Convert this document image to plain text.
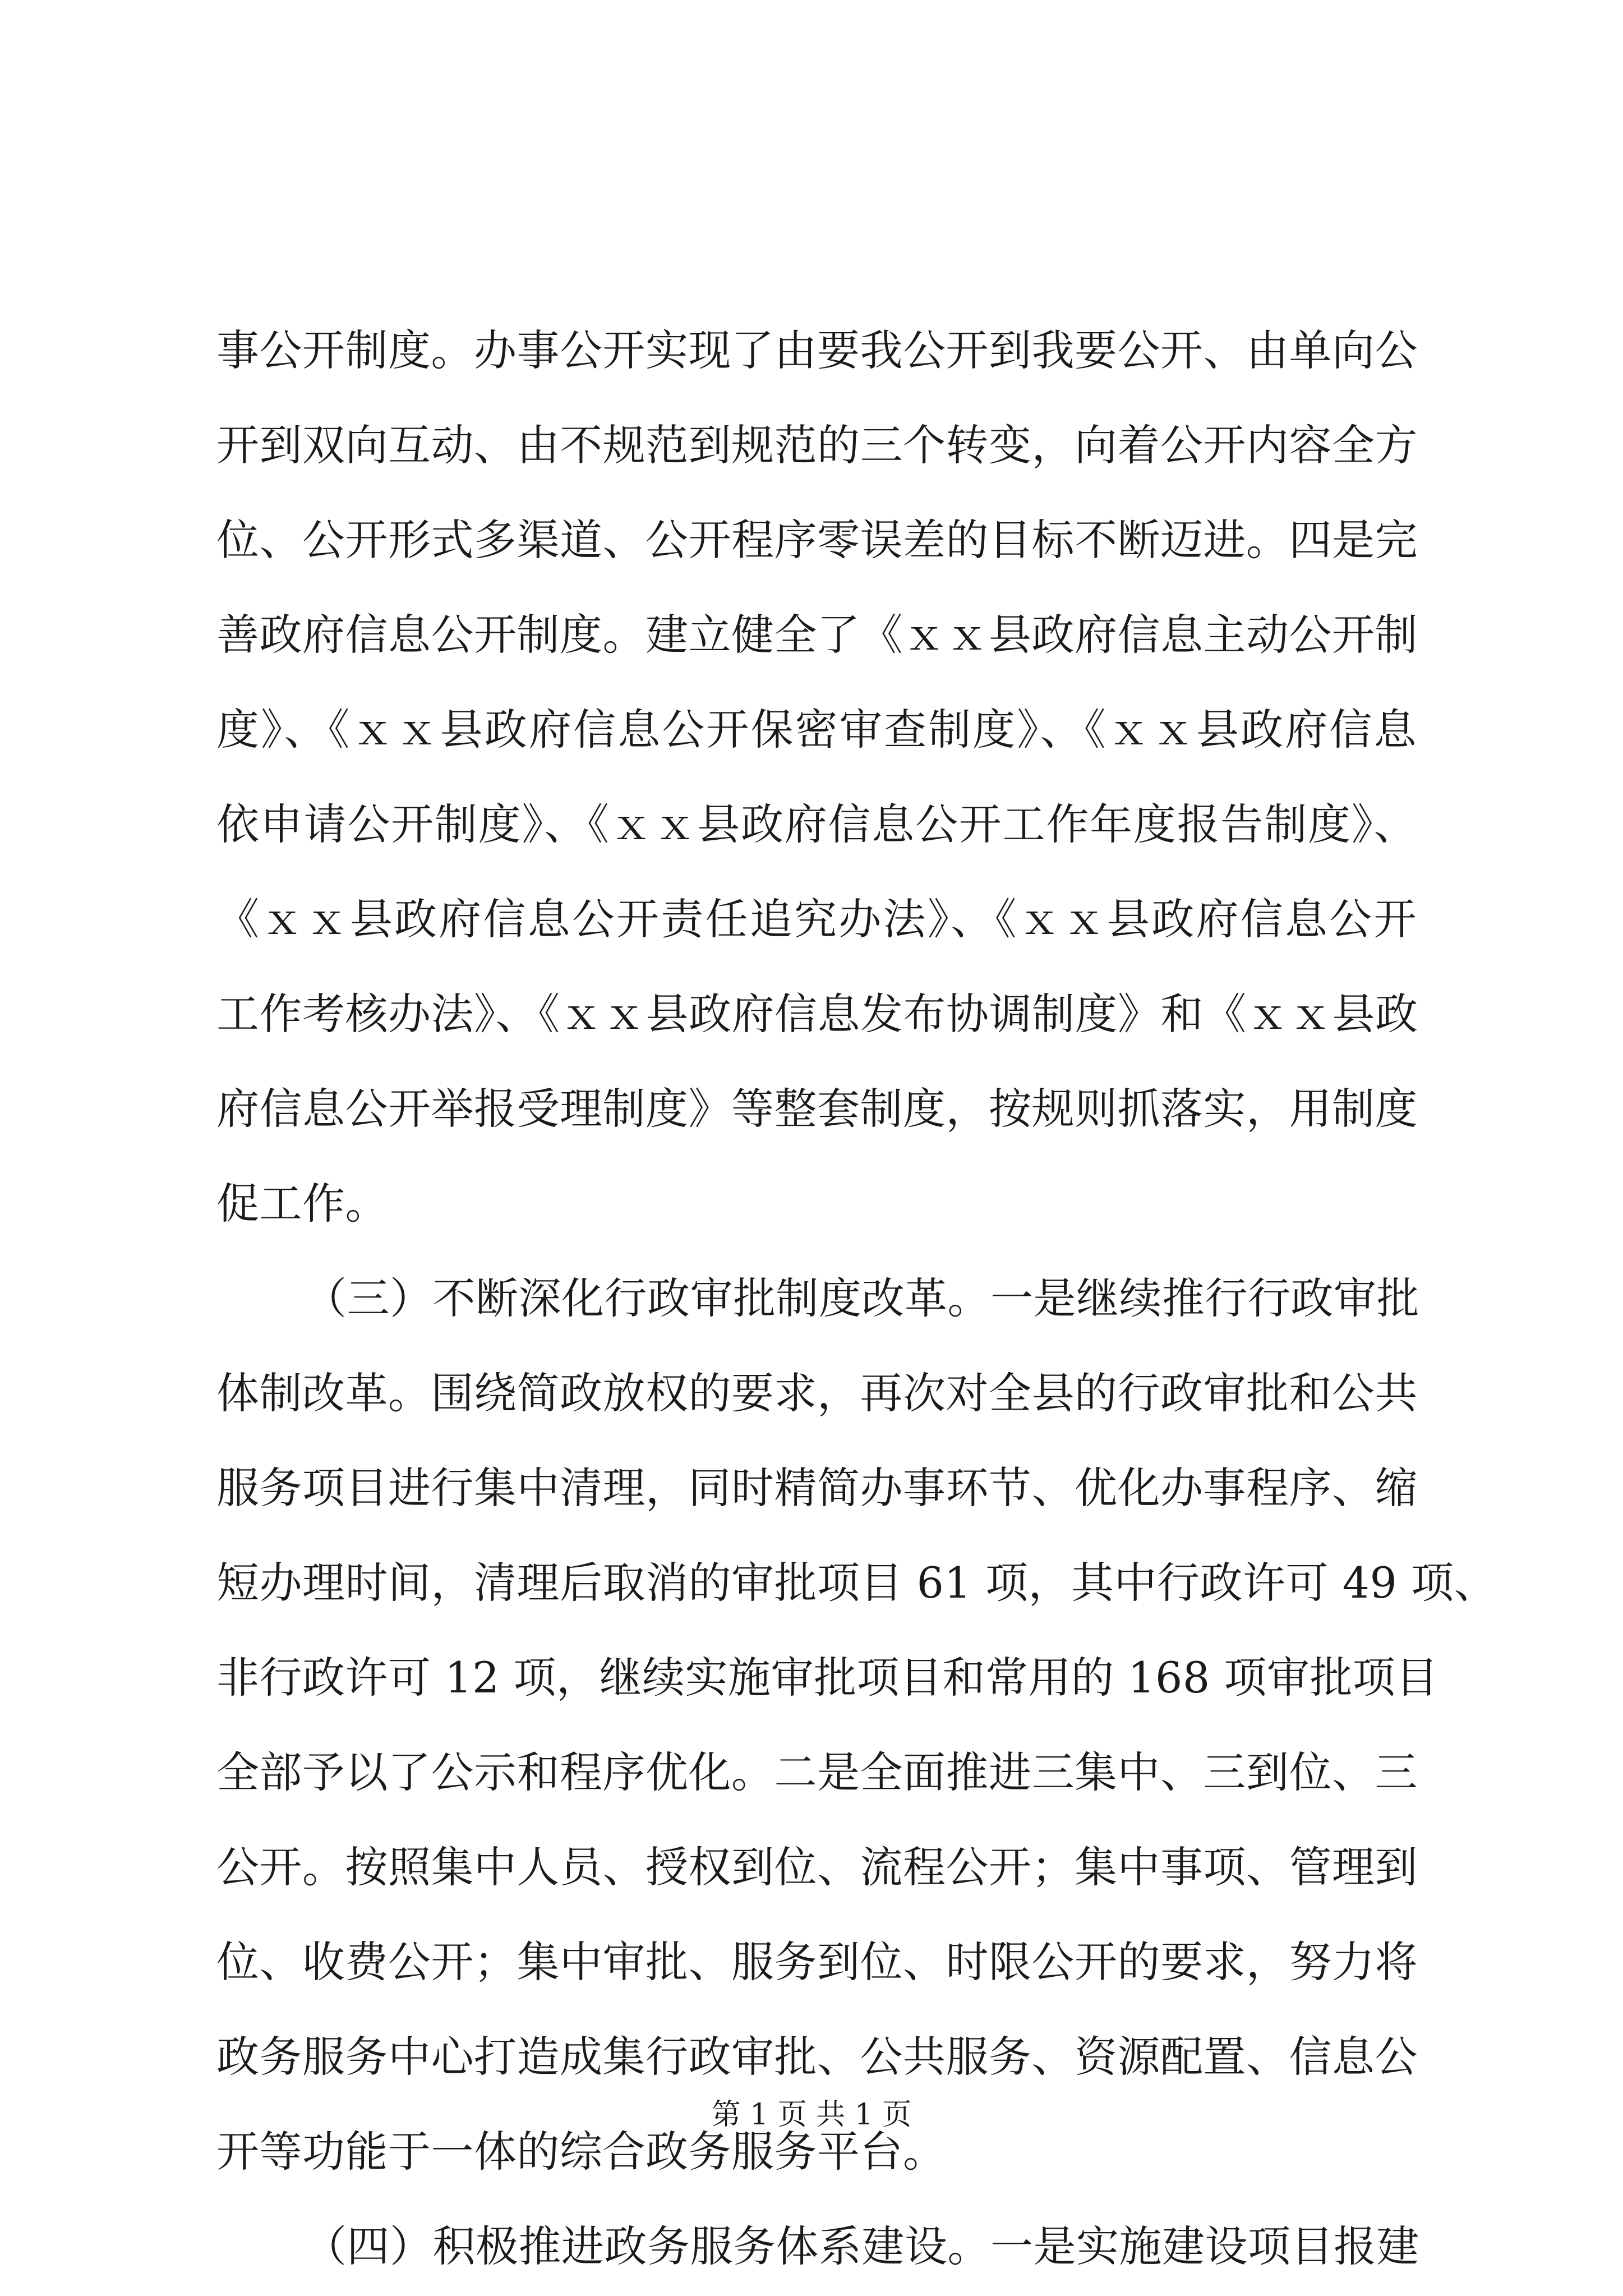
事公开制度。办事公开实现了由要我公开到我要公开、由单向公
开到双向互动、由不规范到规范的三个转变，向着公开内容全方
位、公开形式多渠道、公开程序零误差的目标不断迈进。四是完
善政府信息公开制度。建立健全了《ｘｘ县政府信息主动公开制
度》、《ｘｘ县政府信息公开保密审查制度》、《ｘｘ县政府信息
依申请公开制度》、《ｘｘ县政府信息公开工作年度报告制度》、
《ｘｘ县政府信息公开责任追究办法》、《ｘｘ县政府信息公开
工作考核办法》、《ｘｘ县政府信息发布协调制度》和《ｘｘ县政
府信息公开举报受理制度》等整套制度，按规则抓落实，用制度
促工作。
（三）不断深化行政审批制度改革。一是继续推行行政审批
体制改革。围绕简政放权的要求，再次对全县的行政审批和公共
服务项目进行集中清理，同时精简办事环节、优化办事程序、缩
短办理时间，清理后取消的审批项目 61 项，其中行政许可 49 项、
非行政许可 12 项，继续实施审批项目和常用的 168 项审批项目
全部予以了公示和程序优化。二是全面推进三集中、三到位、三
公开。按照集中人员、授权到位、流程公开；集中事项、管理到
位、收费公开；集中审批、服务到位、时限公开的要求，努力将
政务服务中心打造成集行政审批、公共服务、资源配置、信息公
开等功能于一体的综合政务服务平台。
（四）积极推进政务服务体系建设。一是实施建设项目报建
第 1 页 共 1 页
